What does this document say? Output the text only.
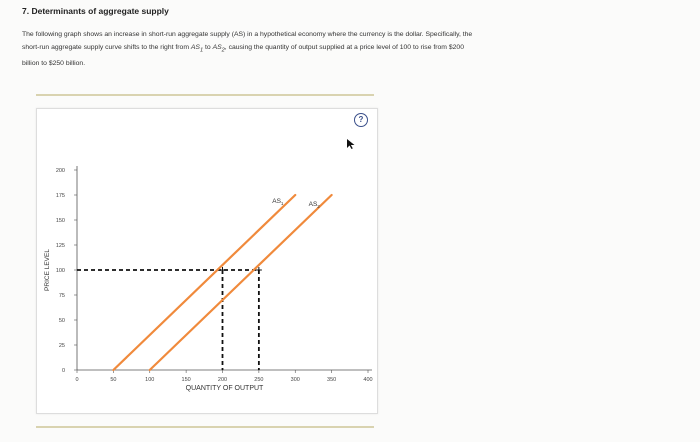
7. Determinants of aggregate supply
The following graph shows an increase in short-run aggregate supply (AS) in a hypothetical economy where the currency is the dollar. Specifically, the
short-run aggregate supply curve shifts to the right from $AS_1$ to $AS_2$, causing the quantity of output supplied at a price level of 100 to rise from $200
billion to $250 billion.
0
25
50
75
100
125
150
175
200
0	50	100	150	200	250	300	350	400
QUANTITY OF OUTPUT
PRICE LEVEL
$AS_1$	$AS_2$
?
